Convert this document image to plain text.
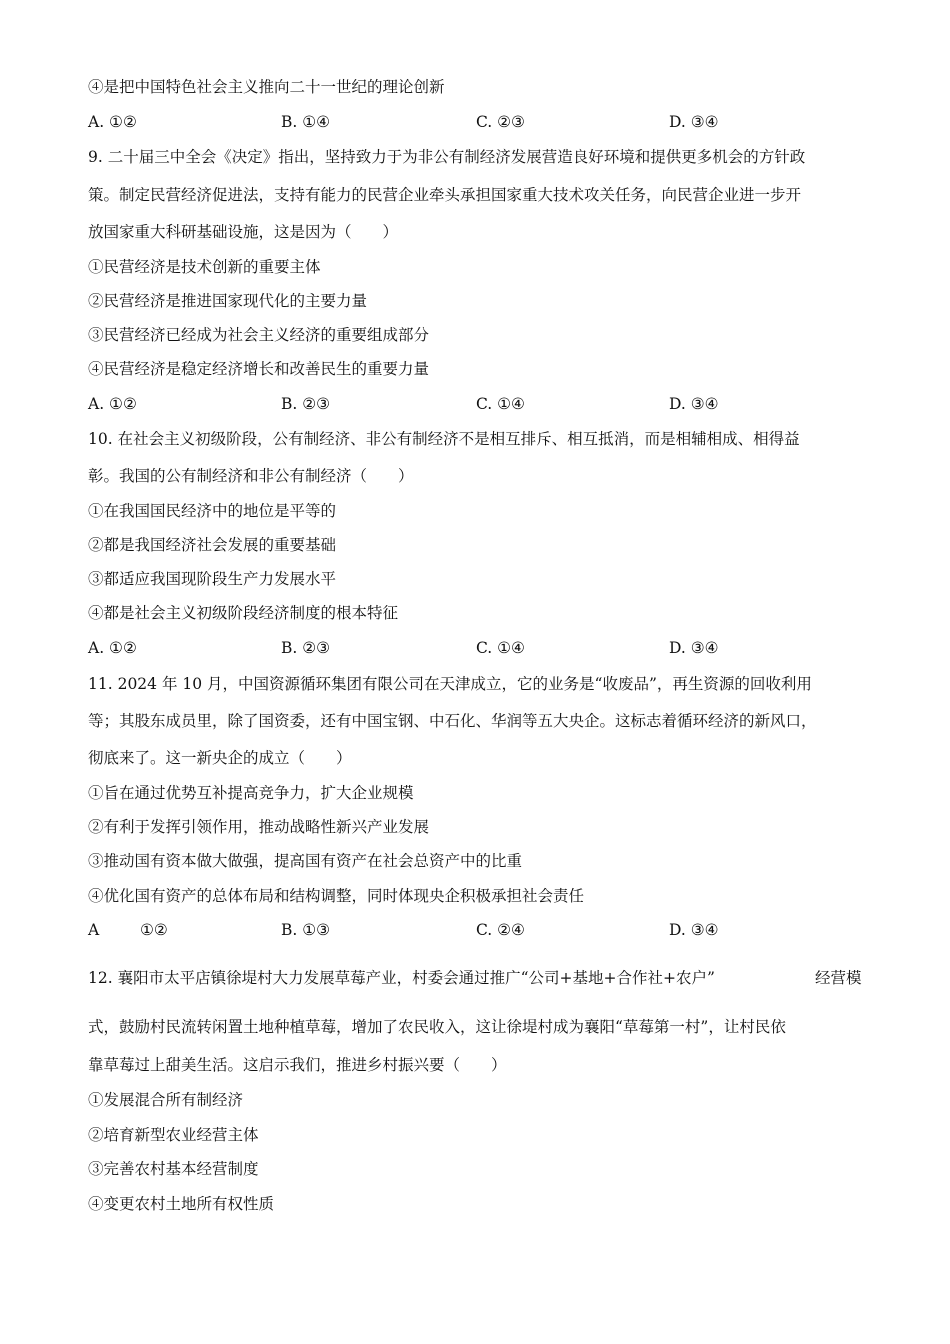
④是把中国特色社会主义推向二十一世纪的理论创新
A. ①②	B. ①④	C. ②③	D. ③④
9. 二十届三中全会《决定》指出，坚持致力于为非公有制经济发展营造良好环境和提供更多机会的方针政
策。制定民营经济促进法，支持有能力的民营企业牵头承担国家重大技术攻关任务，向民营企业进一步开
放国家重大科研基础设施，这是因为（　　）
①民营经济是技术创新的重要主体
②民营经济是推进国家现代化的主要力量
③民营经济已经成为社会主义经济的重要组成部分
④民营经济是稳定经济增长和改善民生的重要力量
A. ①②	B. ②③	C. ①④	D. ③④
10. 在社会主义初级阶段，公有制经济、非公有制经济不是相互排斥、相互抵消，而是相辅相成、相得益
彰。我国的公有制经济和非公有制经济（　　）
①在我国国民经济中的地位是平等的
②都是我国经济社会发展的重要基础
③都适应我国现阶段生产力发展水平
④都是社会主义初级阶段经济制度的根本特征
A. ①②	B. ②③	C. ①④	D. ③④
11. 2024 年 10 月，中国资源循环集团有限公司在天津成立，它的业务是“收废品”，再生资源的回收利用
等；其股东成员里，除了国资委，还有中国宝钢、中石化、华润等五大央企。这标志着循环经济的新风口，
彻底来了。这一新央企的成立（　　）
①旨在通过优势互补提高竞争力，扩大企业规模
②有利于发挥引领作用，推动战略性新兴产业发展
③推动国有资本做大做强，提高国有资产在社会总资产中的比重
④优化国有资产的总体布局和结构调整，同时体现央企积极承担社会责任
A	①②	B. ①③	C. ②④	D. ③④
12. 襄阳市太平店镇徐堤村大力发展草莓产业，村委会通过推广“公司+基地+合作社+农户”	经营模
式，鼓励村民流转闲置土地种植草莓，增加了农民收入，这让徐堤村成为襄阳“草莓第一村”，让村民依
靠草莓过上甜美生活。这启示我们，推进乡村振兴要（　　）
①发展混合所有制经济
②培育新型农业经营主体
③完善农村基本经营制度
④变更农村土地所有权性质
